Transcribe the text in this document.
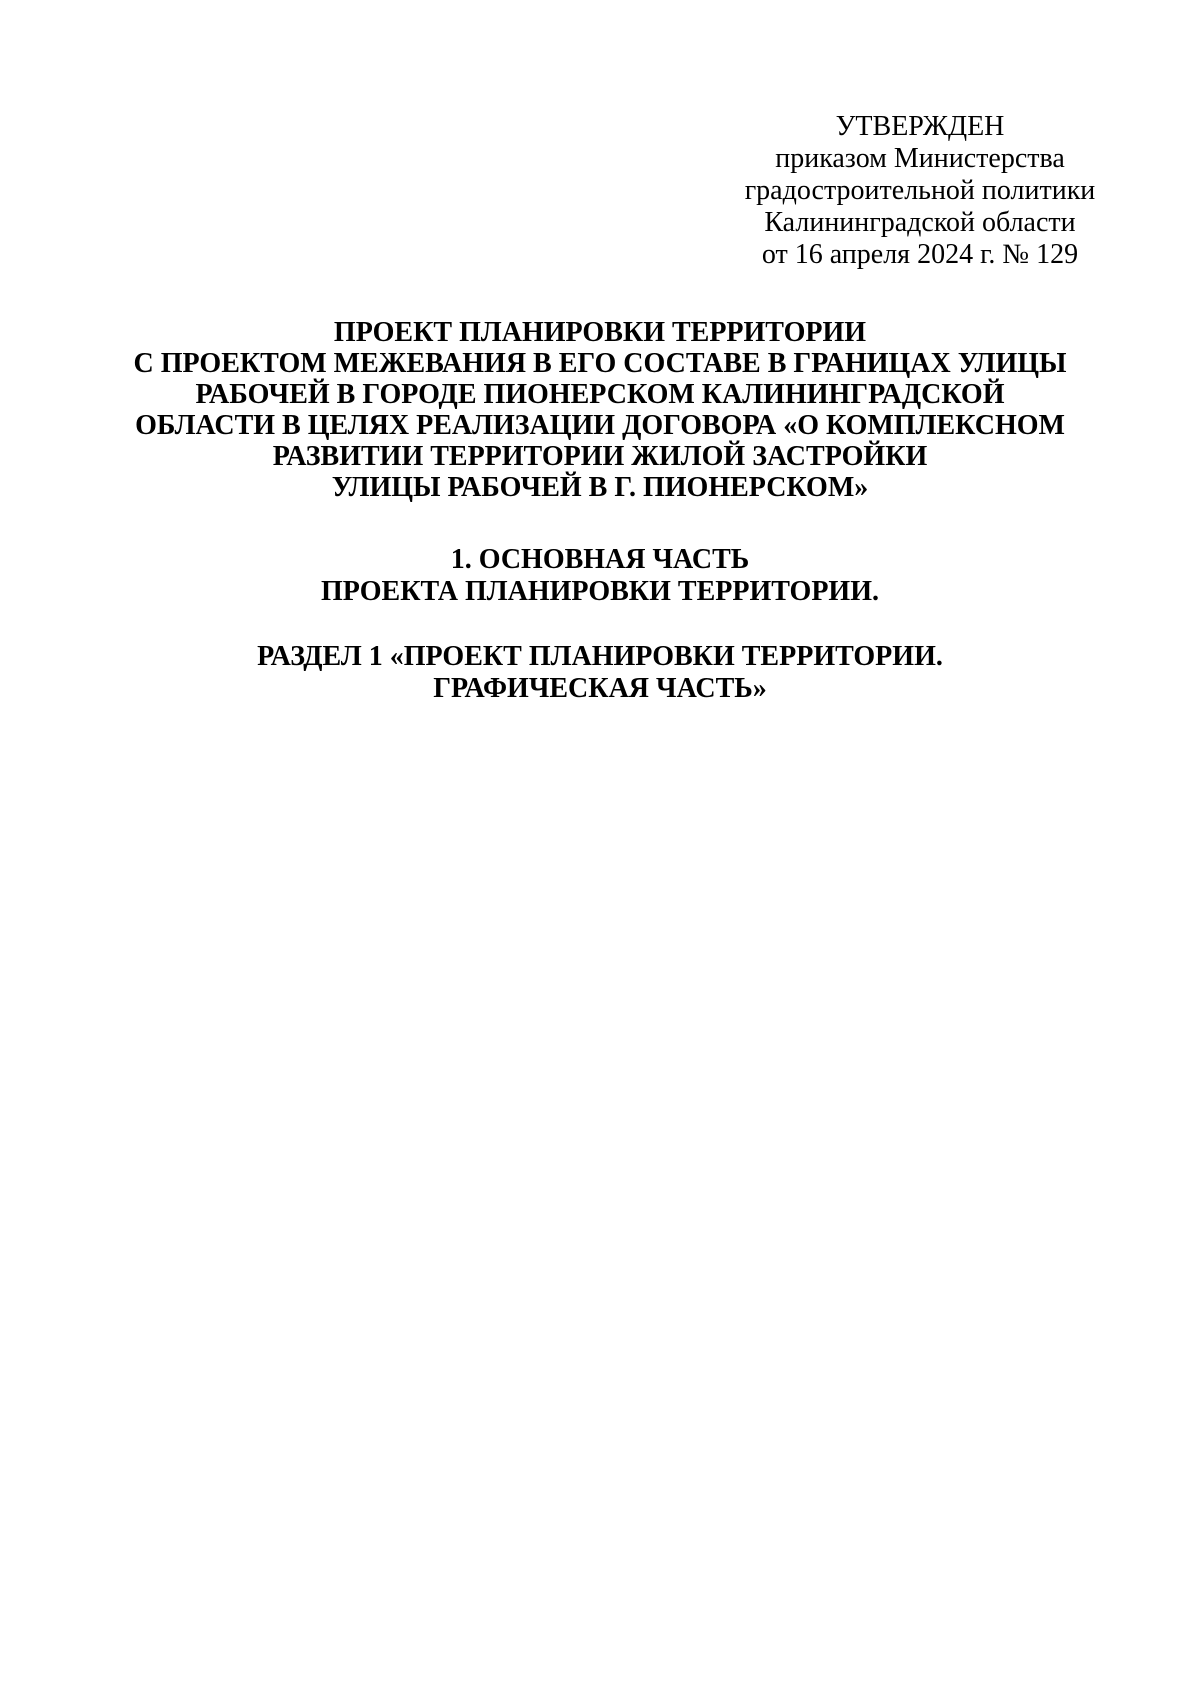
УТВЕРЖДЕН
приказом Министерства
градостроительной политики
Калининградской области
от 16 апреля 2024 г. № 129
ПРОЕКТ ПЛАНИРОВКИ ТЕРРИТОРИИ
С ПРОЕКТОМ МЕЖЕВАНИЯ В ЕГО СОСТАВЕ В ГРАНИЦАХ УЛИЦЫ
РАБОЧЕЙ В ГОРОДЕ ПИОНЕРСКОМ КАЛИНИНГРАДСКОЙ
ОБЛАСТИ В ЦЕЛЯХ РЕАЛИЗАЦИИ ДОГОВОРА «О КОМПЛЕКСНОМ
РАЗВИТИИ ТЕРРИТОРИИ ЖИЛОЙ ЗАСТРОЙКИ
УЛИЦЫ РАБОЧЕЙ В Г. ПИОНЕРСКОМ»
1. ОСНОВНАЯ ЧАСТЬ
ПРОЕКТА ПЛАНИРОВКИ ТЕРРИТОРИИ.
РАЗДЕЛ 1 «ПРОЕКТ ПЛАНИРОВКИ ТЕРРИТОРИИ.
ГРАФИЧЕСКАЯ ЧАСТЬ»
